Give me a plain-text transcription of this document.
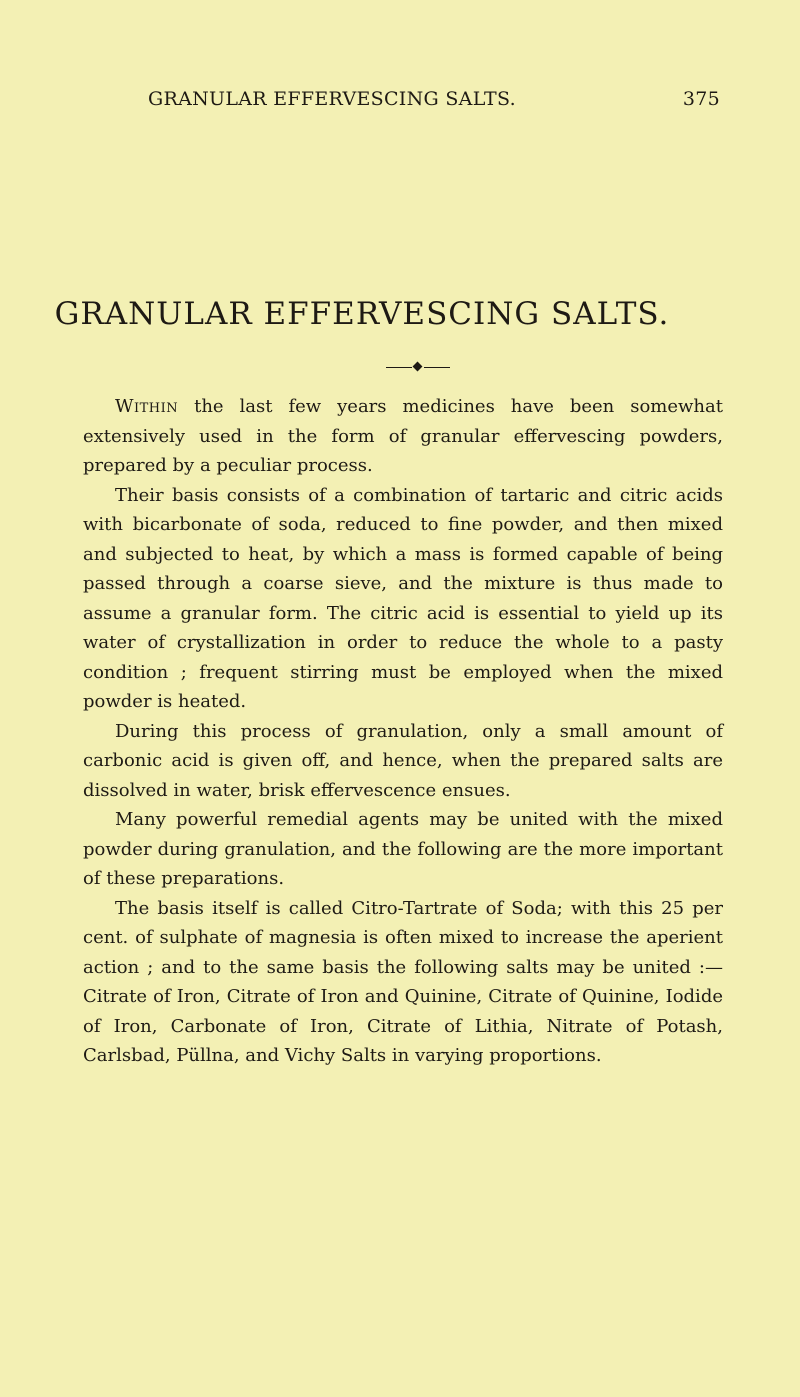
GRANULAR EFFERVESCING SALTS.	375
GRANULAR EFFERVESCING SALTS.

Within the last few years medicines have been somewhat extensively used in the form of granular effervescing powders, prepared by a peculiar process.

Their basis consists of a combination of tartaric and citric acids with bicarbonate of soda, reduced to fine powder, and then mixed and subjected to heat, by which a mass is formed capable of being passed through a coarse sieve, and the mixture is thus made to assume a granular form. The citric acid is essential to yield up its water of crystallization in order to reduce the whole to a pasty condition ; frequent stirring must be employed when the mixed powder is heated.

During this process of granulation, only a small amount of carbonic acid is given off, and hence, when the prepared salts are dissolved in water, brisk effervescence ensues.

Many powerful remedial agents may be united with the mixed powder during granulation, and the following are the more important of these preparations.

The basis itself is called Citro-Tartrate of Soda; with this 25 per cent. of sulphate of magnesia is often mixed to increase the aperient action ; and to the same basis the following salts may be united :—Citrate of Iron, Citrate of Iron and Quinine, Citrate of Quinine, Iodide of Iron, Carbonate of Iron, Citrate of Lithia, Nitrate of Potash, Carlsbad, Püllna, and Vichy Salts in varying proportions.
